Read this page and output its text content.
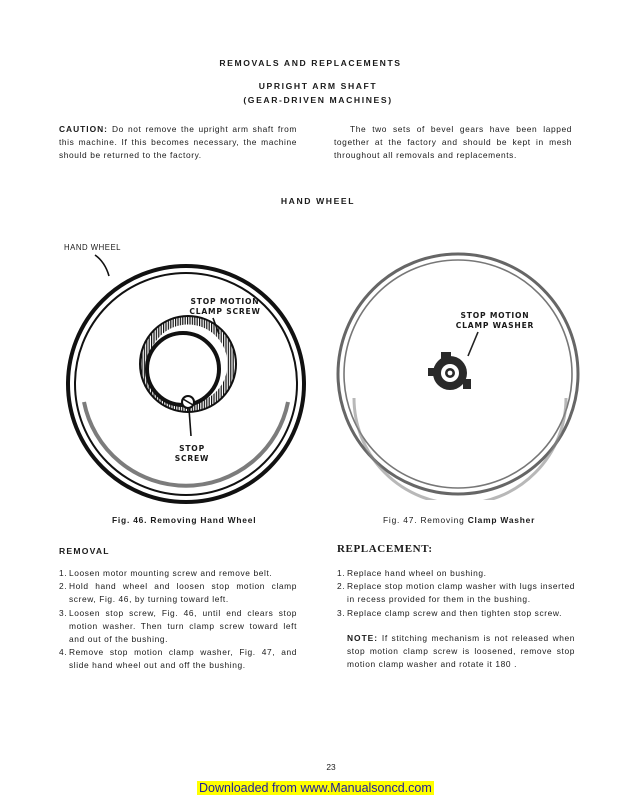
REMOVALS AND REPLACEMENTS
UPRIGHT ARM SHAFT
(GEAR-DRIVEN MACHINES)
CAUTION: Do not remove the upright arm shaft from this machine. If this becomes necessary, the machine should be returned to the factory.
The two sets of bevel gears have been lapped together at the factory and should be kept in mesh throughout all removals and replacements.
HAND WHEEL
HAND WHEEL
STOP MOTION
CLAMP SCREW
STOP
SCREW
Fig. 46. Removing Hand Wheel
STOP MOTION
CLAMP WASHER
Fig. 47. Removing Clamp Washer
REMOVAL
1. Loosen motor mounting screw and remove belt.
2. Hold hand wheel and loosen stop motion clamp screw, Fig. 46, by turning toward left.
3. Loosen stop screw, Fig. 46, until end clears stop motion washer. Then turn clamp screw toward left and out of the bushing.
4. Remove stop motion clamp washer, Fig. 47, and slide hand wheel out and off the bushing.
REPLACEMENT:
1. Replace hand wheel on bushing.
2. Replace stop motion clamp washer with lugs inserted in recess provided for them in the bushing.
3. Replace clamp screw and then tighten stop screw.
NOTE: If stitching mechanism is not released when stop motion clamp screw is loosened, remove stop motion clamp washer and rotate it 180 .
23
Downloaded from www.Manualsoncd.com
